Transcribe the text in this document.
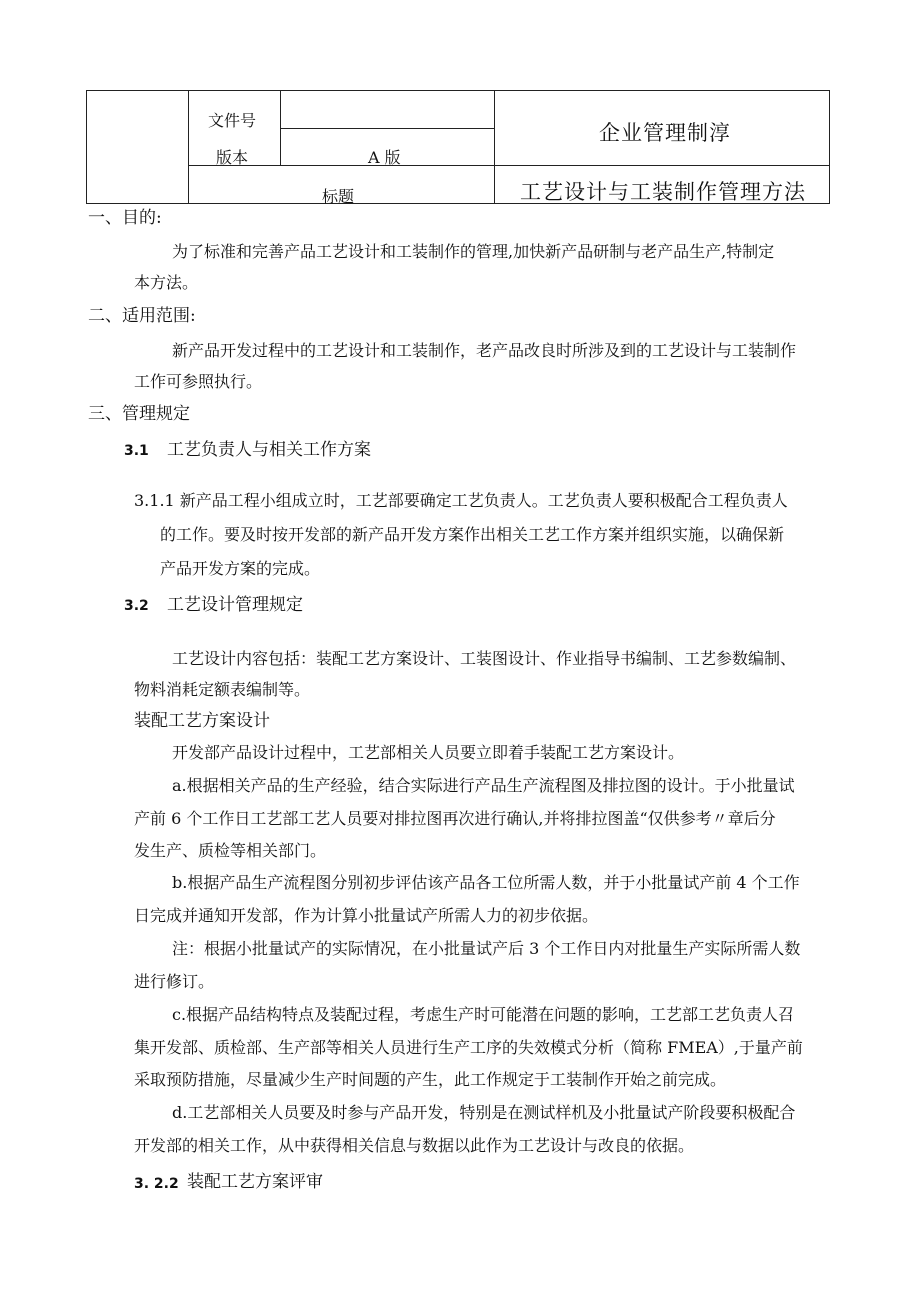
文件号
版本	A 版
企业管理制淳
标题	工艺设计与工装制作管理方法
一、目的:
为了标准和完善产品工艺设计和工装制作的管理,加快新产品研制与老产品生产,特制定
本方法。
二、适用范围:
新产品开发过程中的工艺设计和工装制作，老产品改良时所涉及到的工艺设计与工装制作
工作可参照执行。
三、管理规定
3.1 工艺负责人与相关工作方案
3.1.1 新产品工程小组成立时，工艺部要确定工艺负责人。工艺负责人要积极配合工程负责人
的工作。要及时按开发部的新产品开发方案作出相关工艺工作方案并组织实施，以确保新
产品开发方案的完成。
3.2 工艺设计管理规定
工艺设计内容包括：装配工艺方案设计、工装图设计、作业指导书编制、工艺参数编制、
物料消耗定额表编制等。
装配工艺方案设计
开发部产品设计过程中，工艺部相关人员要立即着手装配工艺方案设计。
a.根据相关产品的生产经验，结合实际进行产品生产流程图及排拉图的设计。于小批量试
产前 6 个工作日工艺部工艺人员要对排拉图再次进行确认,并将排拉图盖“仅供参考〃章后分
发生产、质检等相关部门。
b.根据产品生产流程图分别初步评估该产品各工位所需人数，并于小批量试产前 4 个工作
日完成并通知开发部，作为计算小批量试产所需人力的初步依据。
注：根据小批量试产的实际情况，在小批量试产后 3 个工作日内对批量生产实际所需人数
进行修订。
c.根据产品结构特点及装配过程，考虑生产时可能潜在问题的影响，工艺部工艺负责人召
集开发部、质检部、生产部等相关人员进行生产工序的失效模式分析（简称 FMEA）,于量产前
采取预防措施，尽量减少生产时间题的产生，此工作规定于工装制作开始之前完成。
d.工艺部相关人员要及时参与产品开发，特别是在测试样机及小批量试产阶段要积极配合
开发部的相关工作，从中获得相关信息与数据以此作为工艺设计与改良的依据。
3. 2.2 装配工艺方案评审
